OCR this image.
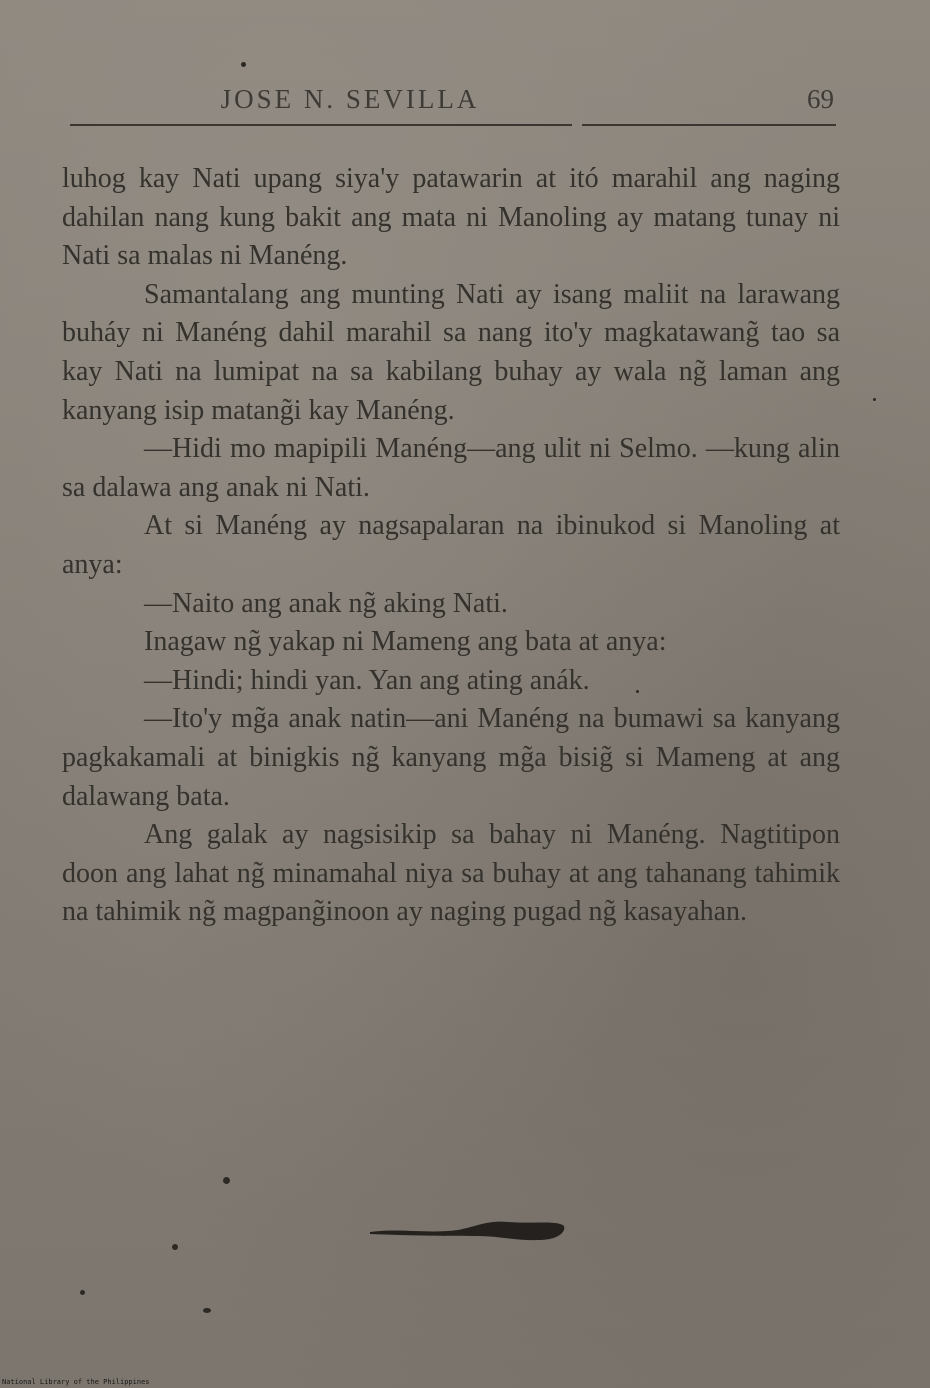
JOSE N. SEVILLA	69

luhog kay Nati upang siya'y patawarin at itó marahil ang naging dahilan nang kung bakit ang mata ni Manoling ay matang tunay ni Nati sa malas ni Manéng.

Samantalang ang munting Nati ay isang maliit na larawang buháy ni Manéng dahil marahil sa nang ito'y magkatawang̃ tao sa kay Nati na lumipat na sa kabilang buhay ay wala ng̃ laman ang kanyang isip matang̃i kay Manéng.

—Hidi mo mapipili Manéng—ang ulit ni Selmo. —kung alin sa dalawa ang anak ni Nati.

At si Manéng ay nagsapalaran na ibinukod si Manoling at anya:

—Naito ang anak ng̃ aking Nati.

Inagaw ng̃ yakap ni Mameng ang bata at anya:

—Hindi; hindi yan. Yan ang ating anák.

—Ito'y mg̃a anak natin—ani Manéng na bumawi sa kanyang pagkakamali at binigkis ng̃ kanyang mg̃a bisig̃ si Mameng at ang dalawang bata.

Ang galak ay nagsisikip sa bahay ni Manéng. Nagtitipon doon ang lahat ng̃ minamahal niya sa buhay at ang tahanang tahimik na tahimik ng̃ magpang̃inoon ay naging pugad ng̃ kasayahan.

National Library of the Philippines
